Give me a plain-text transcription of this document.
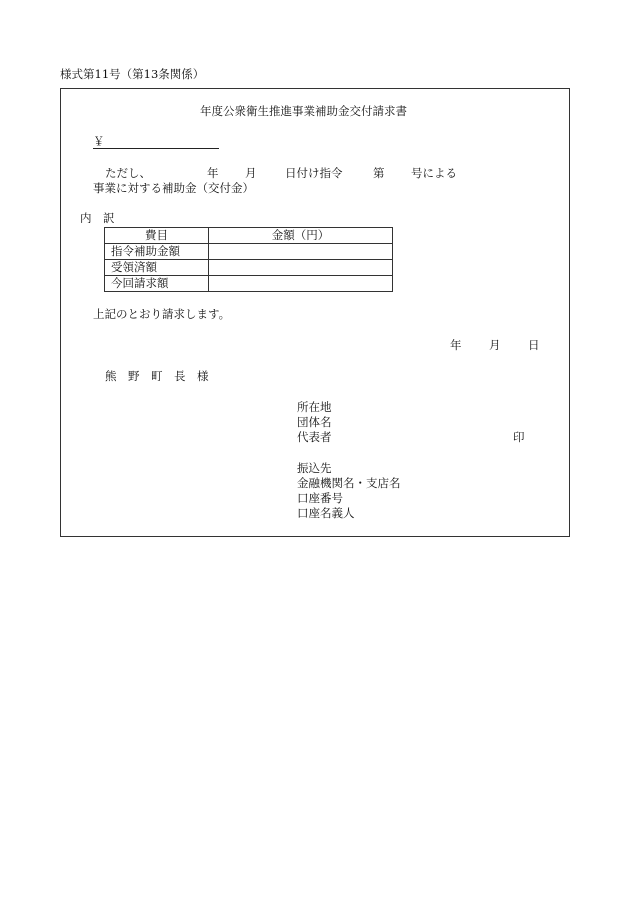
様式第11号（第13条関係）
年度公衆衛生推進事業補助金交付請求書
￥
ただし、	年 月 日付け指令	第 号による
事業に対する補助金（交付金）
内　訳
費目	金額（円）
指令補助金額	
受領済額	
今回請求額	
上記のとおり請求します。
年 月 日
熊　野　町　長　様
所在地
団体名
代表者	印
振込先
金融機関名・支店名
口座番号
口座名義人
